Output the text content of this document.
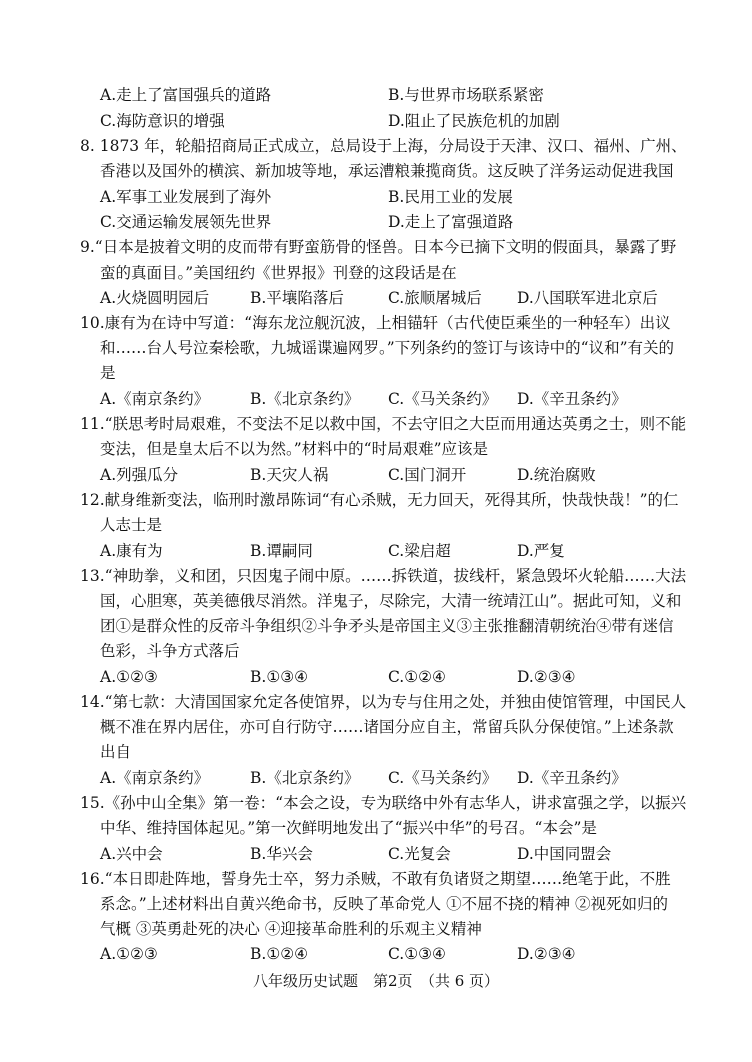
A.走上了富国强兵的道路	B.与世界市场联系紧密
C.海防意识的增强	D.阻止了民族危机的加剧
8. 1873 年，轮船招商局正式成立，总局设于上海，分局设于天津、汉口、福州、广州、
香港以及国外的横滨、新加坡等地，承运漕粮兼揽商货。这反映了洋务运动促进我国
A.军事工业发展到了海外	B.民用工业的发展
C.交通运输发展领先世界	D.走上了富强道路
9.“日本是披着文明的皮而带有野蛮筋骨的怪兽。日本今已摘下文明的假面具，暴露了野
蛮的真面目。”美国纽约《世界报》刊登的这段话是在
A.火烧圆明园后	B.平壤陷落后	C.旅顺屠城后 D.八国联军进北京后
10.康有为在诗中写道：“海东龙泣舰沉波，上相锚轩（古代使臣乘坐的一种轻车）出议
和……台人号泣秦桧歌，九城谣谍遍网罗。”下列条约的签订与该诗中的“议和”有关的
是
A.《南京条约》	B.《北京条约》 C.《马关条约》 D.《辛丑条约》
11.“朕思考时局艰难，不变法不足以救中国，不去守旧之大臣而用通达英勇之士，则不能
变法，但是皇太后不以为然。”材料中的“时局艰难”应该是
A.列强瓜分	B.天灾人祸	C.国门洞开	D.统治腐败
12.献身维新变法，临刑时激昂陈词“有心杀贼，无力回天，死得其所，快哉快哉！”的仁
人志士是
A.康有为	B.谭嗣同	C.梁启超	D.严复
13.“神助拳，义和团，只因鬼子闹中原。……拆铁道，拔线杆，紧急毁坏火轮船……大法
国，心胆寒，英美德俄尽消然。洋鬼子，尽除完，大清一统靖江山”。据此可知，义和
团①是群众性的反帝斗争组织②斗争矛头是帝国主义③主张推翻清朝统治④带有迷信
色彩，斗争方式落后
A.①②③	B.①③④	C.①②④	D.②③④
14.“第七款：大清国国家允定各使馆界，以为专与住用之处，并独由使馆管理，中国民人
概不准在界内居住，亦可自行防守……诸国分应自主，常留兵队分保使馆。”上述条款
出自
A.《南京条约》	B.《北京条约》 C.《马关条约》 D.《辛丑条约》
15.《孙中山全集》第一卷：“本会之设，专为联络中外有志华人，讲求富强之学，以振兴
中华、维持国体起见。”第一次鲜明地发出了“振兴中华”的号召。“本会”是
A.兴中会	B.华兴会	C.光复会	D.中国同盟会
16.“本日即赴阵地，誓身先士卒，努力杀贼，不敢有负诸贤之期望……绝笔于此，不胜
系念。”上述材料出自黄兴绝命书，反映了革命党人 ①不屈不挠的精神 ②视死如归的
气概 ③英勇赴死的决心 ④迎接革命胜利的乐观主义精神
A.①②③	B.①②④	C.①③④	D.②③④
八年级历史试题　第2页　（共 6 页）
